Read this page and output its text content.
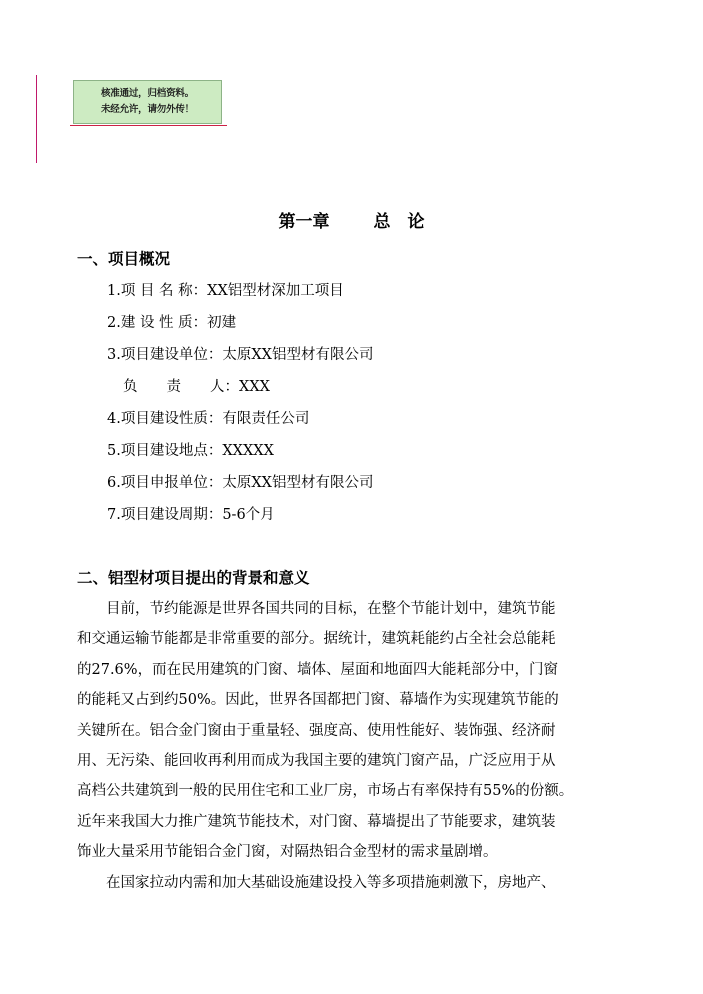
核准通过，归档资料。
未经允许，请勿外传！
第一章	总　论
一、项目概况
1.项 目 名 称：XX铝型材深加工项目
2.建 设 性 质：初建
3.项目建设单位：太原XX铝型材有限公司
负　　责　　人：XXX
4.项目建设性质：有限责任公司
5.项目建设地点：XXXXX
6.项目申报单位：太原XX铝型材有限公司
7.项目建设周期：5-6个月
二、铝型材项目提出的背景和意义
目前，节约能源是世界各国共同的目标，在整个节能计划中，建筑节能
和交通运输节能都是非常重要的部分。据统计，建筑耗能约占全社会总能耗
的27.6%，而在民用建筑的门窗、墙体、屋面和地面四大能耗部分中，门窗
的能耗又占到约50%。因此，世界各国都把门窗、幕墙作为实现建筑节能的
关键所在。铝合金门窗由于重量轻、强度高、使用性能好、装饰强、经济耐
用、无污染、能回收再利用而成为我国主要的建筑门窗产品，广泛应用于从
高档公共建筑到一般的民用住宅和工业厂房，市场占有率保持有55%的份额。
近年来我国大力推广建筑节能技术，对门窗、幕墙提出了节能要求，建筑装
饰业大量采用节能铝合金门窗，对隔热铝合金型材的需求量剧增。
在国家拉动内需和加大基础设施建设投入等多项措施刺激下，房地产、
